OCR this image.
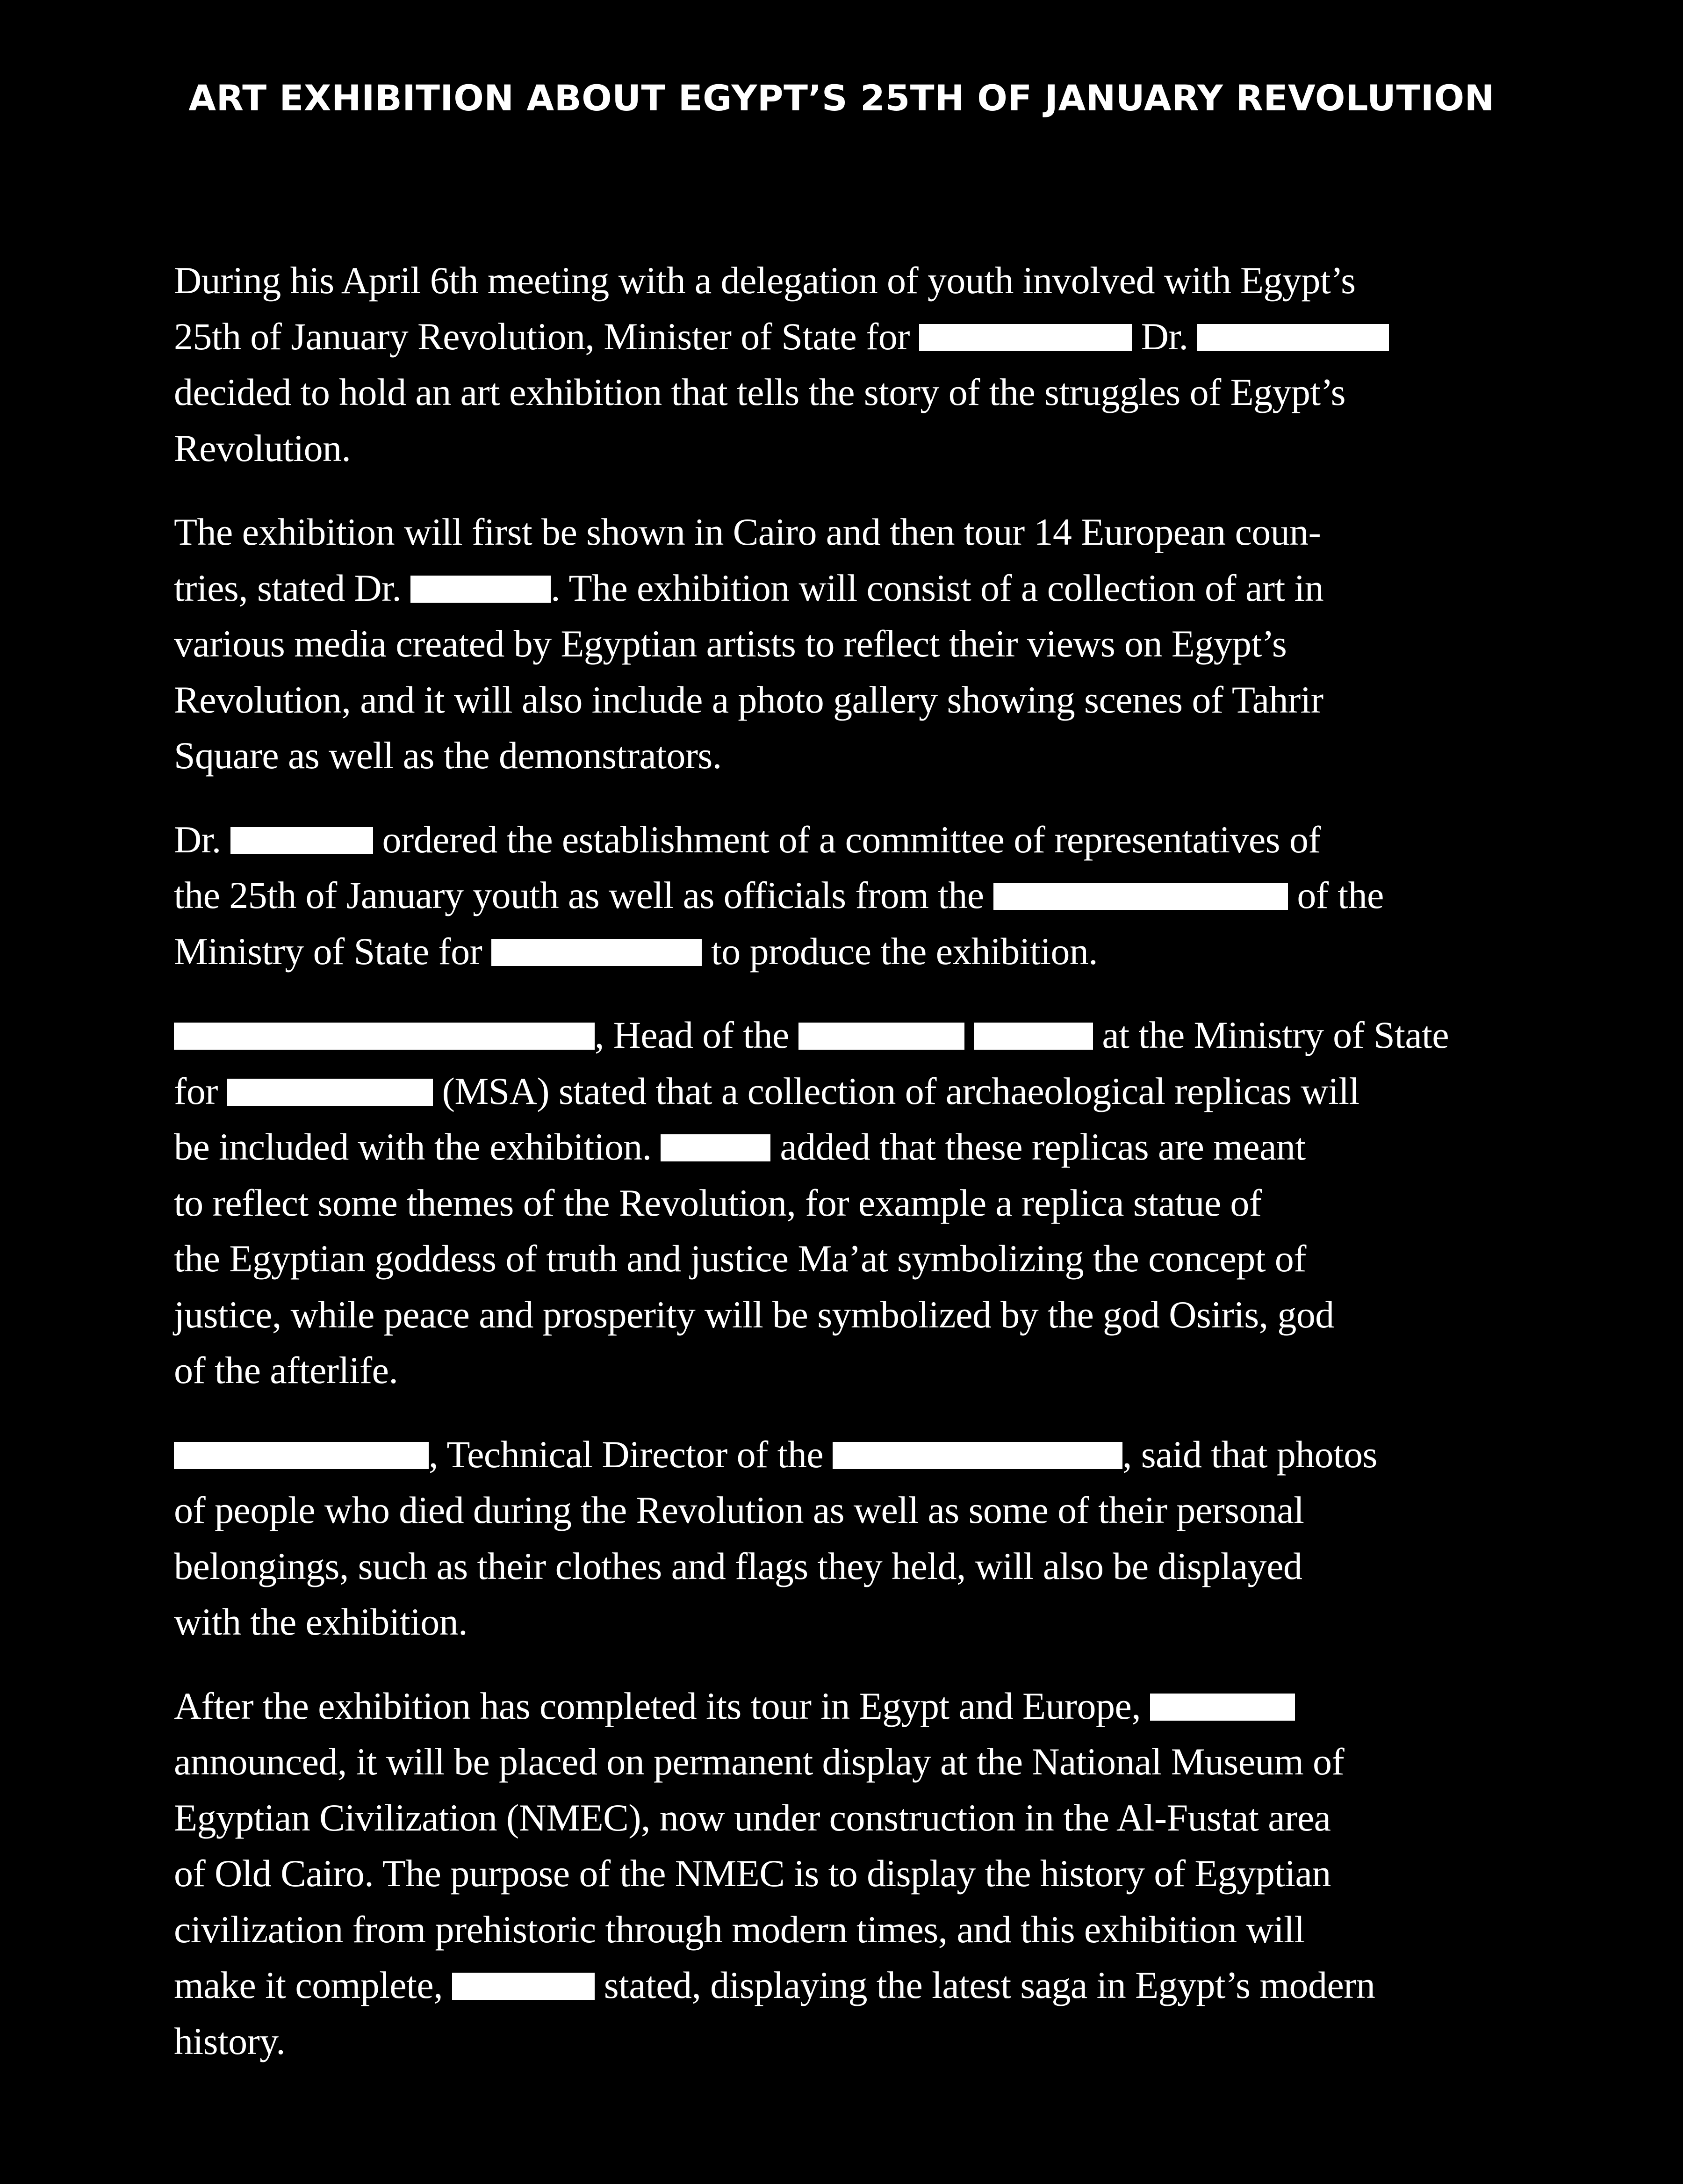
ART EXHIBITION ABOUT EGYPT’S 25TH OF JANUARY REVOLUTION
During his April 6th meeting with a delegation of youth involved with Egypt’s
25th of January Revolution, Minister of State for	Dr.
decided to hold an art exhibition that tells the story of the struggles of Egypt’s
Revolution.
The exhibition will first be shown in Cairo and then tour 14 European coun-
tries, stated Dr.	. The exhibition will consist of a collection of art in
various media created by Egyptian artists to reflect their views on Egypt’s
Revolution, and it will also include a photo gallery showing scenes of Tahrir
Square as well as the demonstrators.
Dr.	ordered the establishment of a committee of representatives of
the 25th of January youth as well as officials from the	of the
Ministry of State for	to produce the exhibition.
, Head of the	at the Ministry of State
for	(MSA) stated that a collection of archaeological replicas will
be included with the exhibition.	added that these replicas are meant
to reflect some themes of the Revolution, for example a replica statue of
the Egyptian goddess of truth and justice Ma’at symbolizing the concept of
justice, while peace and prosperity will be symbolized by the god Osiris, god
of the afterlife.
, Technical Director of the	, said that photos
of people who died during the Revolution as well as some of their personal
belongings, such as their clothes and flags they held, will also be displayed
with the exhibition.
After the exhibition has completed its tour in Egypt and Europe,
announced, it will be placed on permanent display at the National Museum of
Egyptian Civilization (NMEC), now under construction in the Al-Fustat area
of Old Cairo. The purpose of the NMEC is to display the history of Egyptian
civilization from prehistoric through modern times, and this exhibition will
make it complete,	stated, displaying the latest saga in Egypt’s modern
history.
